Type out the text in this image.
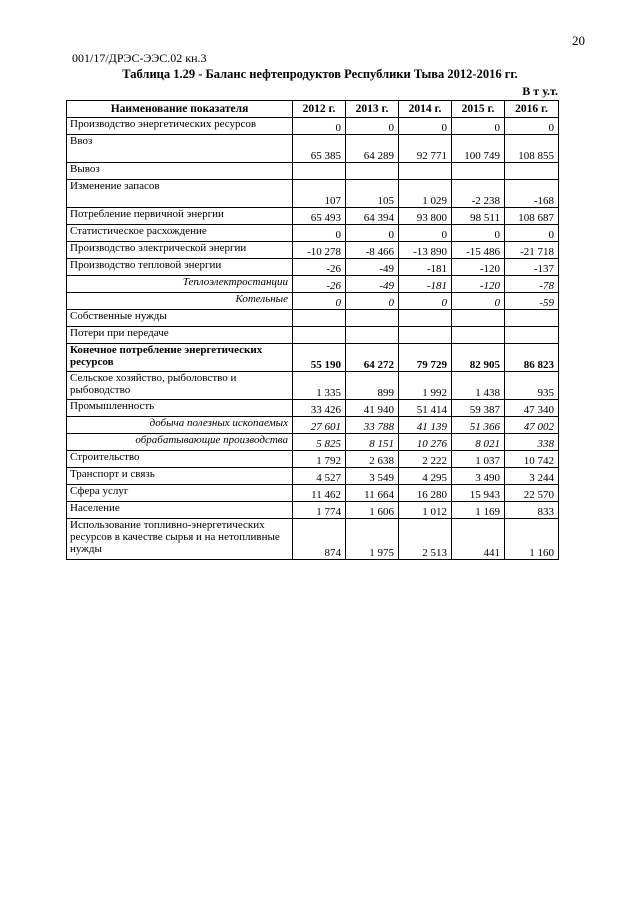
20
001/17/ДРЭС-ЭЭС.02 кн.3
Таблица 1.29 - Баланс нефтепродуктов Республики Тыва 2012-2016 гг.
В т у.т.
Наименование показателя	2012 г.	2013 г.	2014 г.	2015 г.	2016 г.
Производство энергетических ресурсов	0	0	0	0	0
Ввоз	65 385	64 289	92 771	100 749	108 855
Вывоз					
Изменение запасов	107	105	1 029	-2 238	-168
Потребление первичной энергии	65 493	64 394	93 800	98 511	108 687
Статистическое расхождение	0	0	0	0	0
Производство электрической энергии	-10 278	-8 466	-13 890	-15 486	-21 718
Производство тепловой энергии	-26	-49	-181	-120	-137
Теплоэлектростанции	-26	-49	-181	-120	-78
Котельные	0	0	0	0	-59
Собственные нужды					
Потери при передаче					
Конечное потребление энергетических ресурсов	55 190	64 272	79 729	82 905	86 823
Сельское хозяйство, рыболовство и рыбоводство	1 335	899	1 992	1 438	935
Промышленность	33 426	41 940	51 414	59 387	47 340
добыча полезных ископаемых	27 601	33 788	41 139	51 366	47 002
обрабатывающие производства	5 825	8 151	10 276	8 021	338
Строительство	1 792	2 638	2 222	1 037	10 742
Транспорт и связь	4 527	3 549	4 295	3 490	3 244
Сфера услуг	11 462	11 664	16 280	15 943	22 570
Население	1 774	1 606	1 012	1 169	833
Использование топливно-энергетических ресурсов в качестве сырья и на нетопливные нужды	874	1 975	2 513	441	1 160
